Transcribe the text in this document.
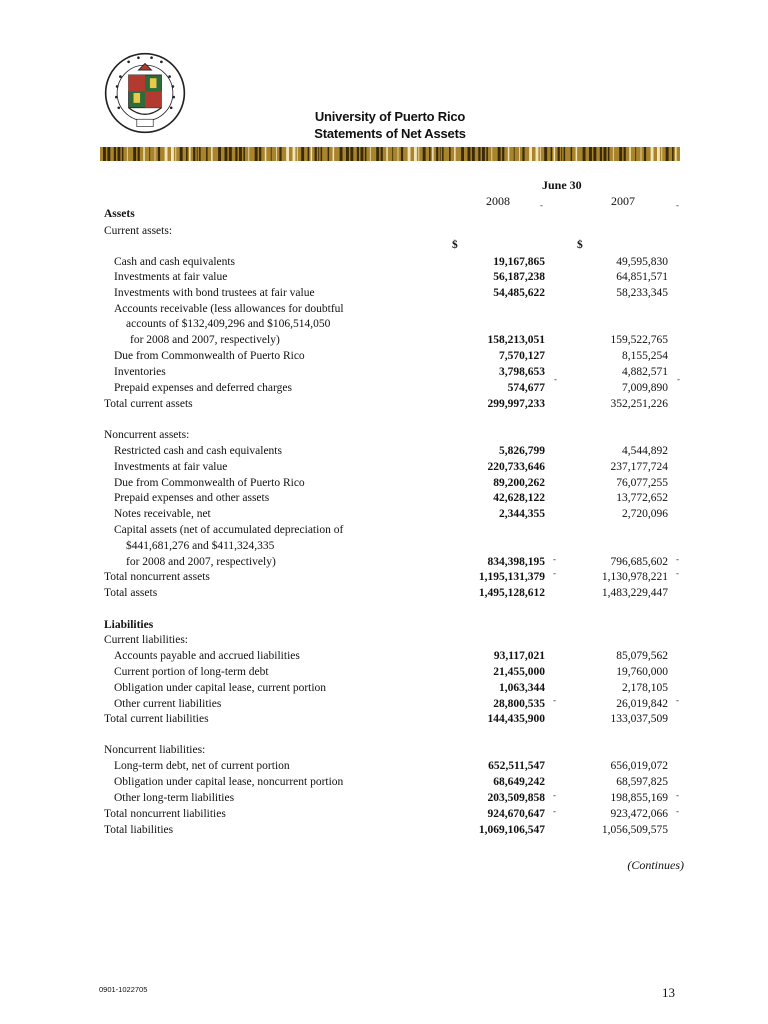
University of Puerto Rico
Statements of Net Assets
June 30
2008	2007
$	$
-	-
-	-
-	-
-	-
-	-
-	-
-	-
Assets
Current assets:
Cash and cash equivalents	19,167,865	49,595,830
Investments at fair value	56,187,238	64,851,571
Investments with bond trustees at fair value	54,485,622	58,233,345
Accounts receivable (less allowances for doubtful
accounts of $132,409,296 and $106,514,050
for 2008 and 2007, respectively)	158,213,051	159,522,765
Due from Commonwealth of Puerto Rico	7,570,127	8,155,254
Inventories	3,798,653	4,882,571
Prepaid expenses and deferred charges	574,677	7,009,890
Total current assets	299,997,233	352,251,226
Noncurrent assets:
Restricted cash and cash equivalents	5,826,799	4,544,892
Investments at fair value	220,733,646	237,177,724
Due from Commonwealth of Puerto Rico	89,200,262	76,077,255
Prepaid expenses and other assets	42,628,122	13,772,652
Notes receivable, net	2,344,355	2,720,096
Capital assets (net of accumulated depreciation of
$441,681,276 and $411,324,335
for 2008 and 2007, respectively)	834,398,195	796,685,602
Total noncurrent assets	1,195,131,379	1,130,978,221
Total assets	1,495,128,612	1,483,229,447
Liabilities
Current liabilities:
Accounts payable and accrued liabilities	93,117,021	85,079,562
Current portion of long-term debt	21,455,000	19,760,000
Obligation under capital lease, current portion	1,063,344	2,178,105
Other current liabilities	28,800,535	26,019,842
Total current liabilities	144,435,900	133,037,509
Noncurrent liabilities:
Long-term debt, net of current portion	652,511,547	656,019,072
Obligation under capital lease, noncurrent portion	68,649,242	68,597,825
Other long-term liabilities	203,509,858	198,855,169
Total noncurrent liabilities	924,670,647	923,472,066
Total liabilities	1,069,106,547	1,056,509,575
(Continues)
0901-1022705	13
